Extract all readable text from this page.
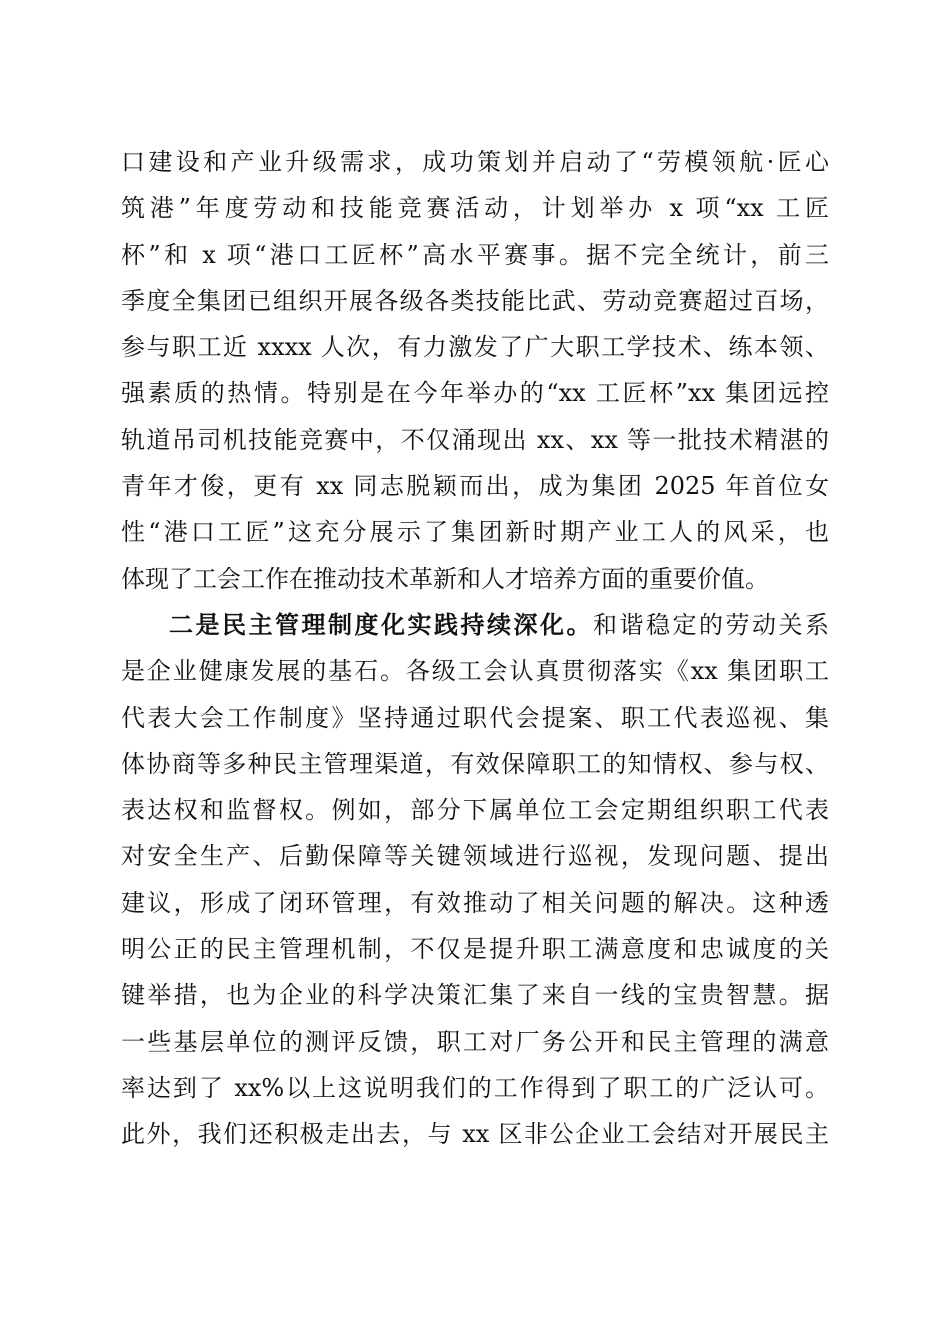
口建设和产业升级需求，成功策划并启动了“劳模领航·匠心
筑港”年度劳动和技能竞赛活动，计划举办 x 项“xx 工匠
杯”和 x 项“港口工匠杯”高水平赛事。据不完全统计，前三
季度全集团已组织开展各级各类技能比武、劳动竞赛超过百场，
参与职工近 xxxx 人次，有力激发了广大职工学技术、练本领、
强素质的热情。特别是在今年举办的“xx 工匠杯”xx 集团远控
轨道吊司机技能竞赛中，不仅涌现出 xx、xx 等一批技术精湛的
青年才俊，更有 xx 同志脱颖而出，成为集团 2025 年首位女
性“港口工匠”这充分展示了集团新时期产业工人的风采，也
体现了工会工作在推动技术革新和人才培养方面的重要价值。
二是民主管理制度化实践持续深化。和谐稳定的劳动关系
是企业健康发展的基石。各级工会认真贯彻落实《xx 集团职工
代表大会工作制度》坚持通过职代会提案、职工代表巡视、集
体协商等多种民主管理渠道，有效保障职工的知情权、参与权、
表达权和监督权。例如，部分下属单位工会定期组织职工代表
对安全生产、后勤保障等关键领域进行巡视，发现问题、提出
建议，形成了闭环管理，有效推动了相关问题的解决。这种透
明公正的民主管理机制，不仅是提升职工满意度和忠诚度的关
键举措，也为企业的科学决策汇集了来自一线的宝贵智慧。据
一些基层单位的测评反馈，职工对厂务公开和民主管理的满意
率达到了 xx%以上这说明我们的工作得到了职工的广泛认可。
此外，我们还积极走出去，与 xx 区非公企业工会结对开展民主
